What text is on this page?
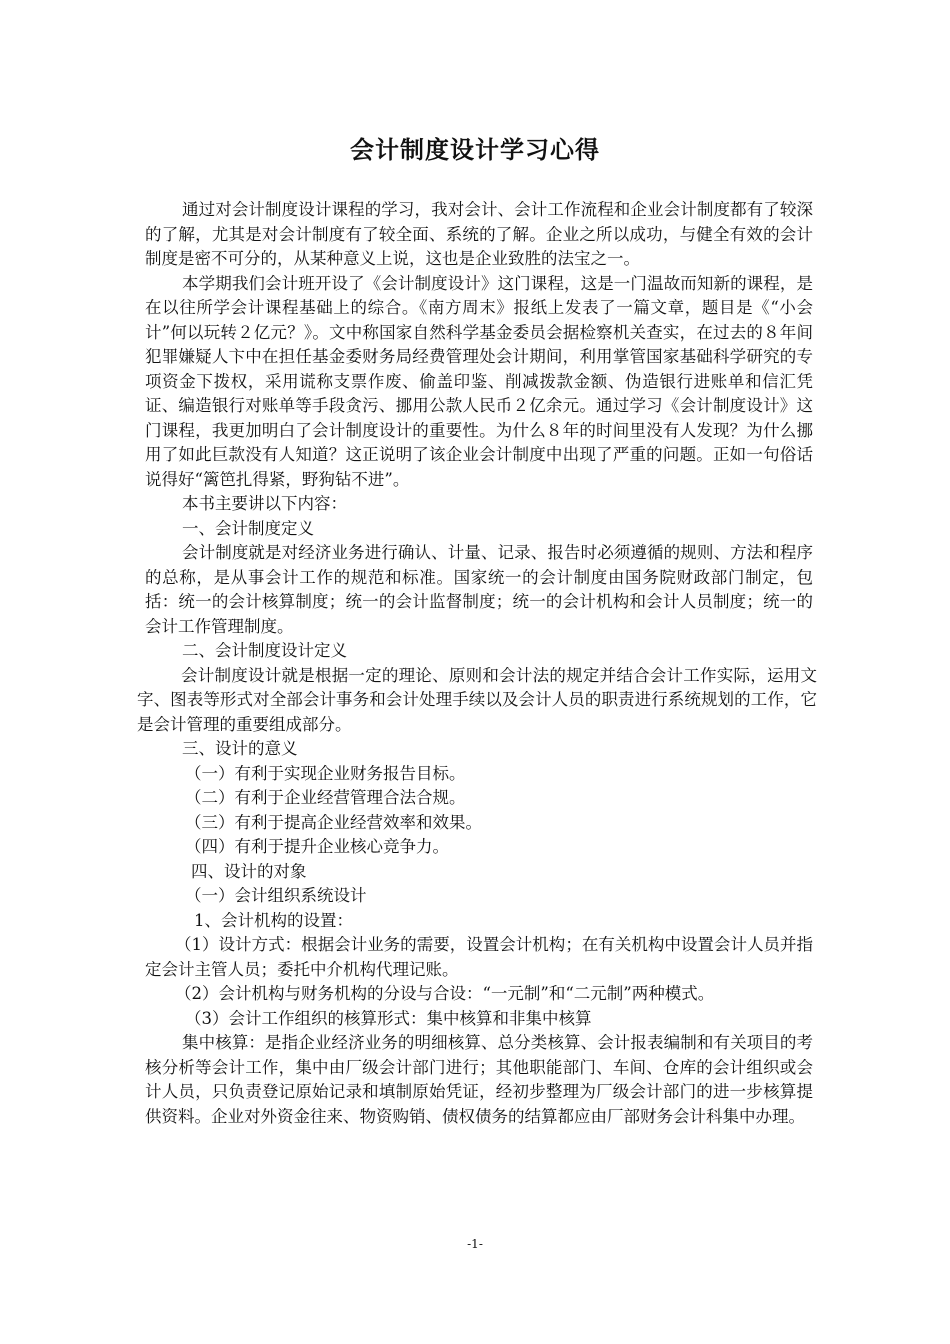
会计制度设计学习心得

通过对会计制度设计课程的学习，我对会计、会计工作流程和企业会计制度都有了较深的了解，尤其是对会计制度有了较全面、系统的了解。企业之所以成功，与健全有效的会计制度是密不可分的，从某种意义上说，这也是企业致胜的法宝之一。

本学期我们会计班开设了《会计制度设计》这门课程，这是一门温故而知新的课程，是在以往所学会计课程基础上的综合。《南方周末》报纸上发表了一篇文章，题目是《“小会计”何以玩转２亿元？》。文中称国家自然科学基金委员会据检察机关查实，在过去的８年间犯罪嫌疑人卞中在担任基金委财务局经费管理处会计期间，利用掌管国家基础科学研究的专项资金下拨权，采用谎称支票作废、偷盖印鉴、削减拨款金额、伪造银行进账单和信汇凭证、编造银行对账单等手段贪污、挪用公款人民币２亿余元。通过学习《会计制度设计》这门课程，我更加明白了会计制度设计的重要性。为什么８年的时间里没有人发现？为什么挪用了如此巨款没有人知道？这正说明了该企业会计制度中出现了严重的问题。正如一句俗话说得好“篱笆扎得紧，野狗钻不进”。

本书主要讲以下内容：

一、会计制度定义

会计制度就是对经济业务进行确认、计量、记录、报告时必须遵循的规则、方法和程序的总称，是从事会计工作的规范和标准。国家统一的会计制度由国务院财政部门制定，包括：统一的会计核算制度；统一的会计监督制度；统一的会计机构和会计人员制度；统一的会计工作管理制度。

二、会计制度设计定义

会计制度设计就是根据一定的理论、原则和会计法的规定并结合会计工作实际，运用文字、图表等形式对全部会计事务和会计处理手续以及会计人员的职责进行系统规划的工作，它是会计管理的重要组成部分。

三、设计的意义

（一）有利于实现企业财务报告目标。

（二）有利于企业经营管理合法合规。

（三）有利于提高企业经营效率和效果。

（四）有利于提升企业核心竞争力。

四、设计的对象

（一）会计组织系统设计

1、会计机构的设置：

（1）设计方式：根据会计业务的需要，设置会计机构；在有关机构中设置会计人员并指定会计主管人员；委托中介机构代理记账。

（2）会计机构与财务机构的分设与合设：“一元制”和“二元制”两种模式。

（3）会计工作组织的核算形式：集中核算和非集中核算

集中核算：是指企业经济业务的明细核算、总分类核算、会计报表编制和有关项目的考核分析等会计工作，集中由厂级会计部门进行；其他职能部门、车间、仓库的会计组织或会计人员，只负责登记原始记录和填制原始凭证，经初步整理为厂级会计部门的进一步核算提供资料。企业对外资金往来、物资购销、债权债务的结算都应由厂部财务会计科集中办理。

-1-
